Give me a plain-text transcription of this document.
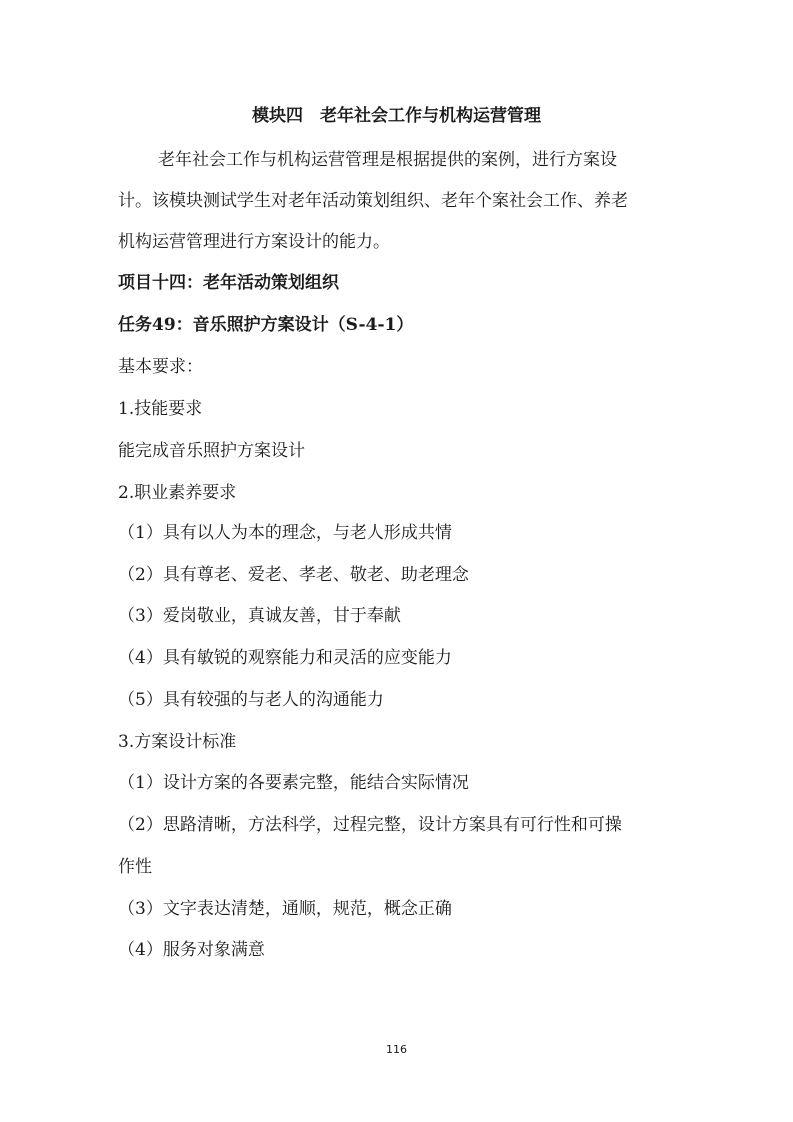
模块四　老年社会工作与机构运营管理
老年社会工作与机构运营管理是根据提供的案例，进行方案设
计。该模块测试学生对老年活动策划组织、老年个案社会工作、养老
机构运营管理进行方案设计的能力。
项目十四：老年活动策划组织
任务49：音乐照护方案设计（S-4-1）
基本要求：
1.技能要求
能完成音乐照护方案设计
2.职业素养要求
（1）具有以人为本的理念，与老人形成共情
（2）具有尊老、爱老、孝老、敬老、助老理念
（3）爱岗敬业，真诚友善，甘于奉献
（4）具有敏锐的观察能力和灵活的应变能力
（5）具有较强的与老人的沟通能力
3.方案设计标准
（1）设计方案的各要素完整，能结合实际情况
（2）思路清晰，方法科学，过程完整，设计方案具有可行性和可操
作性
（3）文字表达清楚，通顺，规范，概念正确
（4）服务对象满意
116
